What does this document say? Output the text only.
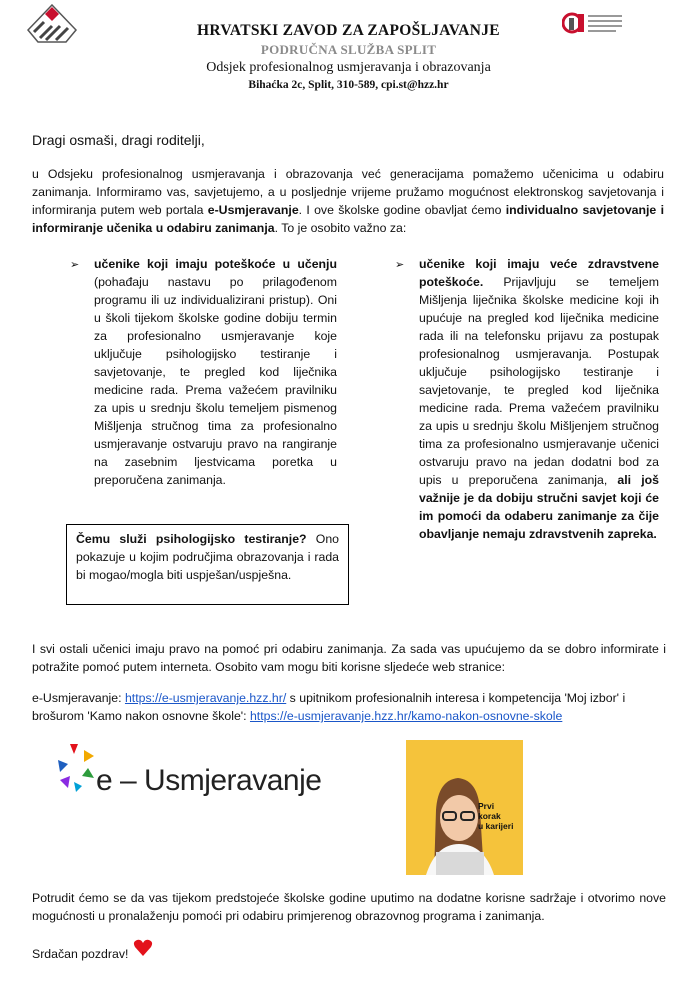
HRVATSKI ZAVOD ZA ZAPOŠLJAVANJE
PODRUČNA SLUŽBA SPLIT
Odsjek profesionalnog usmjeravanja i obrazovanja
Bihaćka 2c, Split, 310-589, cpi.st@hzz.hr
Dragi osmaši, dragi roditelji,
u Odsjeku profesionalnog usmjeravanja i obrazovanja već generacijama pomažemo učenicima u odabiru zanimanja. Informiramo vas, savjetujemo, a u posljednje vrijeme pružamo mogućnost elektronskog savjetovanja i informiranja putem web portala e-Usmjeravanje. I ove školske godine obavljat ćemo individualno savjetovanje i informiranje učenika u odabiru zanimanja. To je osobito važno za:
➢ učenike koji imaju poteškoće u učenju (pohađaju nastavu po prilagođenom programu ili uz individualizirani pristup). Oni u školi tijekom školske godine dobiju termin za profesionalno usmjeravanje koje uključuje psihologijsko testiranje i savjetovanje, te pregled kod liječnika medicine rada. Prema važećem pravilniku za upis u srednju školu temeljem pismenog Mišljenja stručnog tima za profesionalno usmjeravanje ostvaruju pravo na rangiranje na zasebnim ljestvicama poretka u preporučena zanimanja.
➢ učenike koji imaju veće zdravstvene poteškoće. Prijavljuju se temeljem Mišljenja liječnika školske medicine koji ih upućuje na pregled kod liječnika medicine rada ili na telefonsku prijavu za postupak profesionalnog usmjeravanja. Postupak uključuje psihologijsko testiranje i savjetovanje, te pregled kod liječnika medicine rada. Prema važećem pravilniku za upis u srednju školu Mišljenjem stručnog tima za profesionalno usmjeravanje učenici ostvaruju pravo na jedan dodatni bod za upis u preporučena zanimanja, ali još važnije je da dobiju stručni savjet koji će im pomoći da odaberu zanimanje za čije obavljanje nemaju zdravstvenih zapreka.
Čemu služi psihologijsko testiranje? Ono pokazuje u kojim područjima obrazovanja i rada bi mogao/mogla biti uspješan/uspješna.
I svi ostali učenici imaju pravo na pomoć pri odabiru zanimanja. Za sada vas upućujemo da se dobro informirate i potražite pomoć putem interneta. Osobito vam mogu biti korisne sljedeće web stranice:
e-Usmjeravanje: https://e-usmjeravanje.hzz.hr/ s upitnikom profesionalnih interesa i kompetencija 'Moj izbor' i brošurom 'Kamo nakon osnovne škole': https://e-usmjeravanje.hzz.hr/kamo-nakon-osnovne-skole
e – Usmjeravanje
Prvi
korak
u karijeri
Potrudit ćemo se da vas tijekom predstojeće školske godine uputimo na dodatne korisne sadržaje i otvorimo nove mogućnosti u pronalaženju pomoći pri odabiru primjerenog obrazovnog programa i zanimanja.
Srdačan pozdrav!
